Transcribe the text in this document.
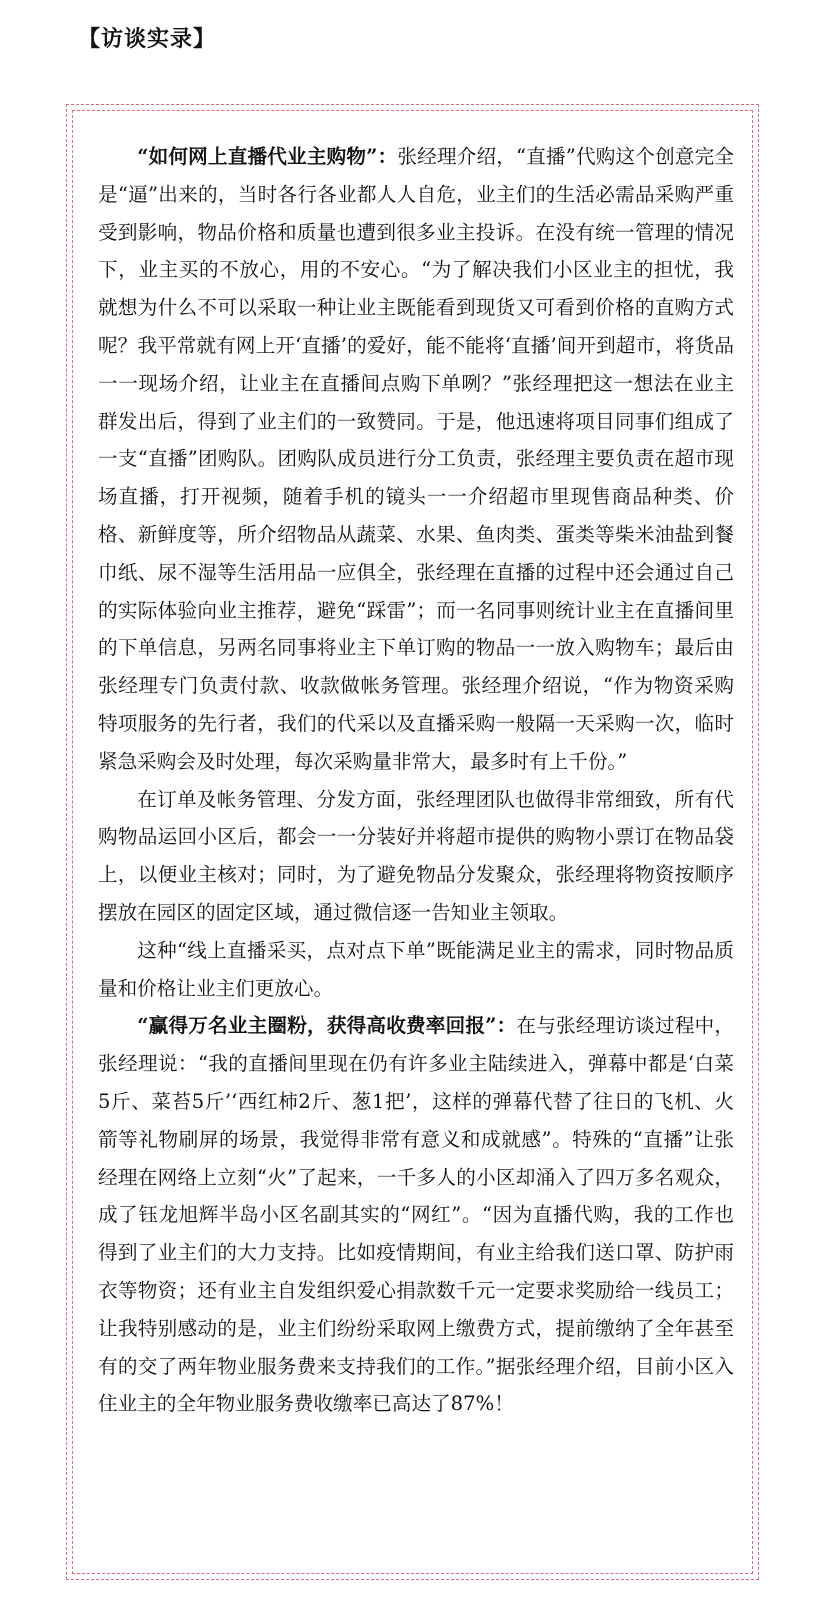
【访谈实录】

“如何网上直播代业主购物”：张经理介绍，“直播”代购这个创意完全是“逼”出来的，当时各行各业都人人自危，业主们的生活必需品采购严重受到影响，物品价格和质量也遭到很多业主投诉。在没有统一管理的情况下，业主买的不放心，用的不安心。“为了解决我们小区业主的担忧，我就想为什么不可以采取一种让业主既能看到现货又可看到价格的直购方式呢？我平常就有网上开‘直播’的爱好，能不能将‘直播’间开到超市，将货品一一现场介绍，让业主在直播间点购下单咧？”张经理把这一想法在业主群发出后，得到了业主们的一致赞同。于是，他迅速将项目同事们组成了一支“直播”团购队。团购队成员进行分工负责，张经理主要负责在超市现场直播，打开视频，随着手机的镜头一一介绍超市里现售商品种类、价格、新鲜度等，所介绍物品从蔬菜、水果、鱼肉类、蛋类等柴米油盐到餐巾纸、尿不湿等生活用品一应俱全，张经理在直播的过程中还会通过自己的实际体验向业主推荐，避免“踩雷”；而一名同事则统计业主在直播间里的下单信息，另两名同事将业主下单订购的物品一一放入购物车；最后由张经理专门负责付款、收款做帐务管理。张经理介绍说，“作为物资采购特项服务的先行者，我们的代采以及直播采购一般隔一天采购一次，临时紧急采购会及时处理，每次采购量非常大，最多时有上千份。”

在订单及帐务管理、分发方面，张经理团队也做得非常细致，所有代购物品运回小区后，都会一一分装好并将超市提供的购物小票订在物品袋上，以便业主核对；同时，为了避免物品分发聚众，张经理将物资按顺序摆放在园区的固定区域，通过微信逐一告知业主领取。

这种“线上直播采买，点对点下单”既能满足业主的需求，同时物品质量和价格让业主们更放心。

“赢得万名业主圈粉，获得高收费率回报”：在与张经理访谈过程中，张经理说：“我的直播间里现在仍有许多业主陆续进入，弹幕中都是‘白菜5斤、菜苔5斤’‘西红柿2斤、葱1把’，这样的弹幕代替了往日的飞机、火箭等礼物刷屏的场景，我觉得非常有意义和成就感”。特殊的“直播”让张经理在网络上立刻“火”了起来，一千多人的小区却涌入了四万多名观众，成了钰龙旭辉半岛小区名副其实的“网红”。“因为直播代购，我的工作也得到了业主们的大力支持。比如疫情期间，有业主给我们送口罩、防护雨衣等物资；还有业主自发组织爱心捐款数千元一定要求奖励给一线员工；让我特别感动的是，业主们纷纷采取网上缴费方式，提前缴纳了全年甚至有的交了两年物业服务费来支持我们的工作。”据张经理介绍，目前小区入住业主的全年物业服务费收缴率已高达了87%！
